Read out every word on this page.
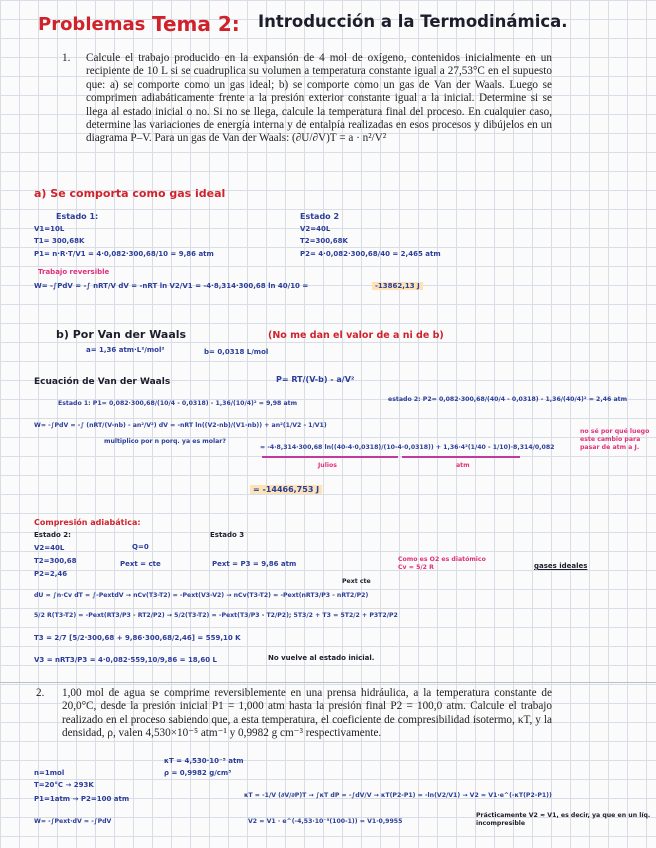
Problemas Tema 2: Introducción a la Termodinámica.
1. Calcule el trabajo producido en la expansión de 4 mol de oxígeno, contenidos inicialmente en un recipiente de 10 L si se cuadruplica su volumen a temperatura constante igual a 27,53°C en el supuesto que: a) se comporte como un gas ideal; b) se comporte como un gas de Van der Waals. Luego se comprimen adiabáticamente frente a la presión exterior constante igual a la inicial. Determine si se llega al estado inicial o no. Si no se llega, calcule la temperatura final del proceso. En cualquier caso, determine las variaciones de energía interna y de entalpía realizadas en esos procesos y dibújelos en un diagrama P–V. Para un gas de Van der Waals: (∂U/∂V)T = a · n²/V²
a) Se comporta como gas ideal
Estado 1:
V1=10L
T1= 300,68K
P1= n·R·T/V1 = 4·0,082·300,68/10 = 9,86 atm
Estado 2
V2=40L
T2=300,68K
P2= 4·0,082·300,68/40 = 2,465 atm
Trabajo reversible
W= -∫PdV = -∫ nRT/V dV = -nRT ln V2/V1 = -4·8,314·300,68 ln 40/10 =	-13862,13 J
b) Por Van der Waals	(No me dan el valor de a ni de b)
a= 1,36 atm·L²/mol²	b= 0,0318 L/mol
Ecuación de Van der Waals	P= RT/(V-b) - a/V²
Estado 1: P1= 0,082·300,68/(10/4 - 0,0318) - 1,36/(10/4)² = 9,98 atm
estado 2: P2= 0,082·300,68/(40/4 - 0,0318) - 1,36/(40/4)² = 2,46 atm
W= -∫PdV = -∫ (nRT/(V-nb) - an²/V²) dV = -nRT ln((V2-nb)/(V1-nb)) + an²(1/V2 - 1/V1)
multiplico por n porq. ya es molar?
= -4·8,314·300,68 ln((40-4·0,0318)/(10-4·0,0318)) + 1,36·4²(1/40 - 1/10)·8,314/0,082
Julios	atm
no sé por qué luego este cambio para pasar de atm a J.
= -14466,753 J
Compresión adiabática:
Estado 2:
V2=40L
T2=300,68
P2=2,46
Q=0
Pext = cte
Estado 3
Pext = P3 = 9,86 atm
Como es O2 es diatómico Cv = 5/2 R	gases ideales
Pext cte
dU = ∫n·Cv dT = ∫-PextdV → nCv(T3-T2) = -Pext(V3-V2) → nCv(T3-T2) = -Pext(nRT3/P3 - nRT2/P2)
5/2 R(T3-T2) = -Pext(RT3/P3 - RT2/P2) → 5/2(T3-T2) = -Pext(T3/P3 - T2/P2); 5T3/2 + T3 = 5T2/2 + P3T2/P2
T3 = 2/7 [5/2·300,68 + 9,86·300,68/2,46] = 559,10 K
V3 = nRT3/P3 = 4·0,082·559,10/9,86 = 18,60 L	No vuelve al estado inicial.
2. 1,00 mol de agua se comprime reversiblemente en una prensa hidráulica, a la temperatura constante de 20,0°C, desde la presión inicial P1 = 1,000 atm hasta la presión final P2 = 100,0 atm. Calcule el trabajo realizado en el proceso sabiendo que, a esta temperatura, el coeficiente de compresibilidad isotermo, κT, y la densidad, ρ, valen 4,530×10⁻⁵ atm⁻¹ y 0,9982 g cm⁻³ respectivamente.
κT = 4,530·10⁻⁵ atm
ρ = 0,9982 g/cm³
n=1mol
T=20°C → 293K
P1=1atm → P2=100 atm	κT = -1/V (∂V/∂P)T → ∫κT dP = -∫dV/V → κT(P2-P1) = -ln(V2/V1) → V2 = V1·e^(-κT(P2-P1))
W= -∫Pext·dV = -∫PdV	V2 = V1 · e^(-4,53·10⁻⁵(100-1)) = V1·0,9955
Prácticamente V2 ≈ V1, es decir, ya que en un líq. incompresible
